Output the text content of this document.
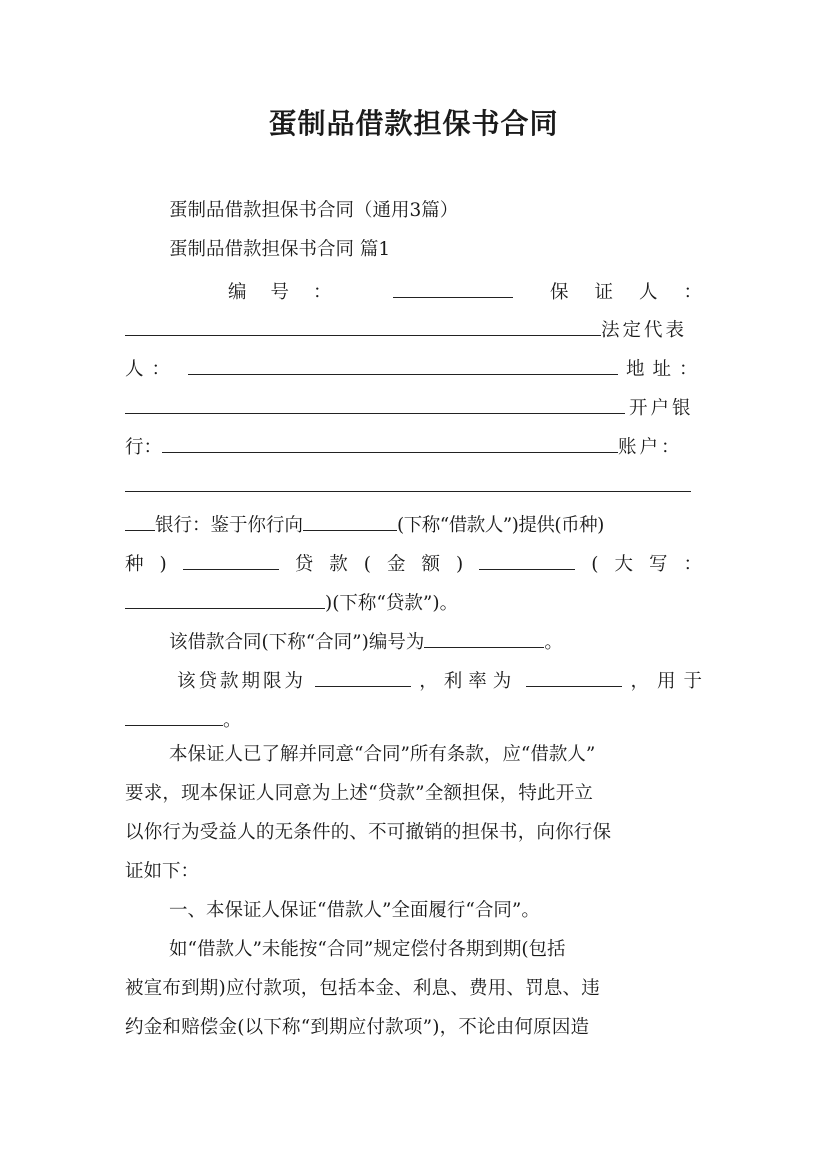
蛋制品借款担保书合同
蛋制品借款担保书合同（通用3篇）
蛋制品借款担保书合同 篇1
编号：	保证人：
法定代表
人：	地址：
开户银
行：	账户：
银行：鉴于你行向	(下称“借款人”)提供(币种)
种 )	贷 款 ( 金 额 )	( 大 写 ：
)(下称“贷款”)。
该借款合同(下称“合同”)编号为	。
该贷款期限为	，利率为	，用于
。
本保证人已了解并同意“合同”所有条款，应“借款人”
要求，现本保证人同意为上述“贷款”全额担保，特此开立
以你行为受益人的无条件的、不可撤销的担保书，向你行保
证如下：
一、本保证人保证“借款人”全面履行“合同”。
如“借款人”未能按“合同”规定偿付各期到期(包括
被宣布到期)应付款项，包括本金、利息、费用、罚息、违
约金和赔偿金(以下称“到期应付款项”)，不论由何原因造
